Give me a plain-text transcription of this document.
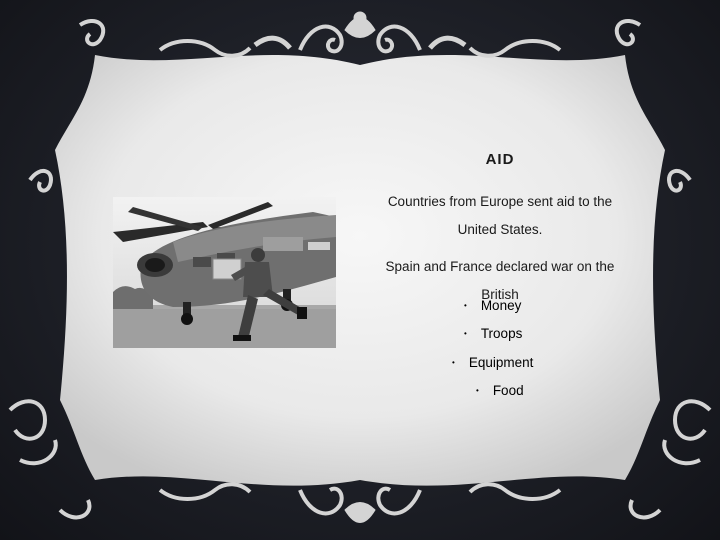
AID

Countries from Europe sent aid to the United States.

Spain and France declared war on the British

• Money
• Troops
• Equipment
• Food
